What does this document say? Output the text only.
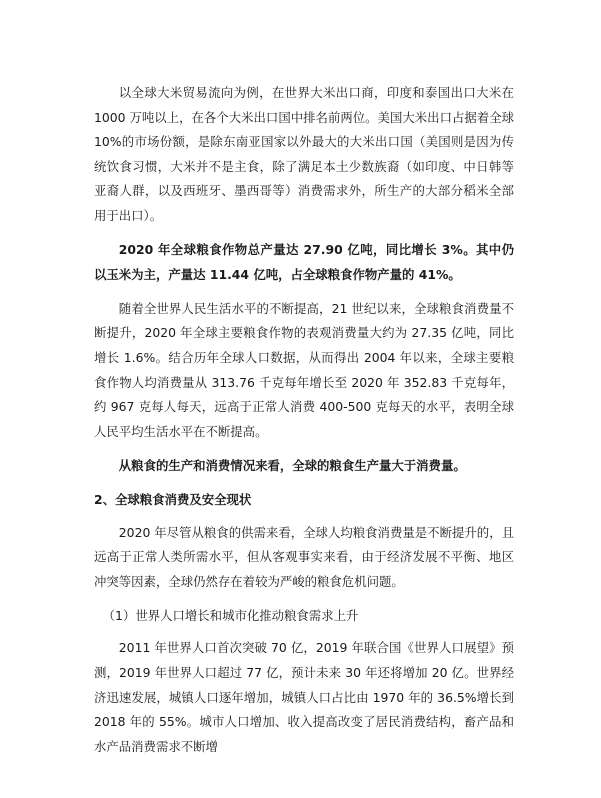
以全球大米贸易流向为例，在世界大米出口商，印度和泰国出口大米在 1000 万吨以上，在各个大米出口国中排名前两位。美国大米出口占据着全球 10%的市场份额，是除东南亚国家以外最大的大米出口国（美国则是因为传统饮食习惯，大米并不是主食，除了满足本土少数族裔（如印度、中日韩等亚裔人群，以及西班牙、墨西哥等）消费需求外，所生产的大部分稻米全部用于出口）。

2020 年全球粮食作物总产量达 27.90 亿吨，同比增长 3%。其中仍以玉米为主，产量达 11.44 亿吨，占全球粮食作物产量的 41%。

随着全世界人民生活水平的不断提高，21 世纪以来，全球粮食消费量不断提升，2020 年全球主要粮食作物的表观消费量大约为 27.35 亿吨，同比增长 1.6%。结合历年全球人口数据，从而得出 2004 年以来，全球主要粮食作物人均消费量从 313.76 千克每年增长至 2020 年 352.83 千克每年，约 967 克每人每天，远高于正常人消费 400-500 克每天的水平，表明全球人民平均生活水平在不断提高。

从粮食的生产和消费情况来看，全球的粮食生产量大于消费量。

2、全球粮食消费及安全现状

2020 年尽管从粮食的供需来看，全球人均粮食消费量是不断提升的，且远高于正常人类所需水平，但从客观事实来看，由于经济发展不平衡、地区冲突等因素，全球仍然存在着较为严峻的粮食危机问题。

（1）世界人口增长和城市化推动粮食需求上升

2011 年世界人口首次突破 70 亿，2019 年联合国《世界人口展望》预测，2019 年世界人口超过 77 亿，预计未来 30 年还将增加 20 亿。世界经济迅速发展，城镇人口逐年增加，城镇人口占比由 1970 年的 36.5%增长到 2018 年的 55%。城市人口增加、收入提高改变了居民消费结构，畜产品和水产品消费需求不断增
